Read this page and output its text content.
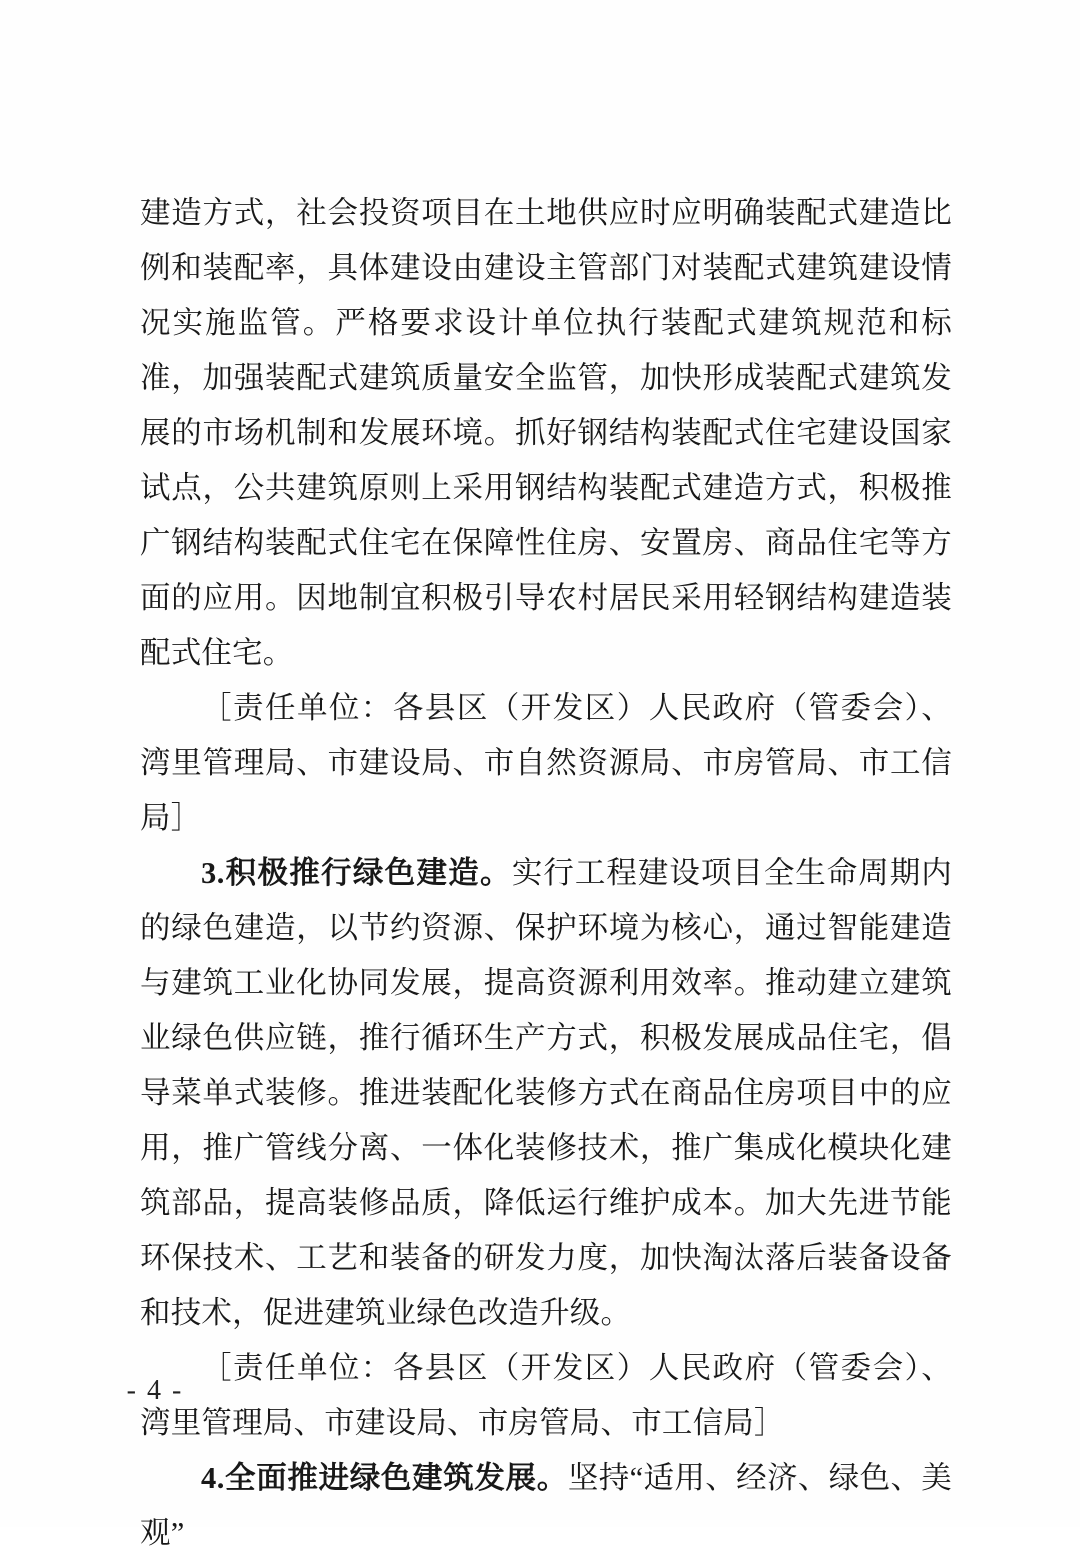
建造方式，社会投资项目在土地供应时应明确装配式建造比例和装配率，具体建设由建设主管部门对装配式建筑建设情况实施监管。严格要求设计单位执行装配式建筑规范和标准，加强装配式建筑质量安全监管，加快形成装配式建筑发展的市场机制和发展环境。抓好钢结构装配式住宅建设国家试点，公共建筑原则上采用钢结构装配式建造方式，积极推广钢结构装配式住宅在保障性住房、安置房、商品住宅等方面的应用。因地制宜积极引导农村居民采用轻钢结构建造装配式住宅。

［责任单位：各县区（开发区）人民政府（管委会）、湾里管理局、市建设局、市自然资源局、市房管局、市工信局］

3.积极推行绿色建造。实行工程建设项目全生命周期内的绿色建造，以节约资源、保护环境为核心，通过智能建造与建筑工业化协同发展，提高资源利用效率。推动建立建筑业绿色供应链，推行循环生产方式，积极发展成品住宅，倡导菜单式装修。推进装配化装修方式在商品住房项目中的应用，推广管线分离、一体化装修技术，推广集成化模块化建筑部品，提高装修品质，降低运行维护成本。加大先进节能环保技术、工艺和装备的研发力度，加快淘汰落后装备设备和技术，促进建筑业绿色改造升级。

［责任单位：各县区（开发区）人民政府（管委会）、湾里管理局、市建设局、市房管局、市工信局］

4.全面推进绿色建筑发展。坚持“适用、经济、绿色、美观”

- 4 -
